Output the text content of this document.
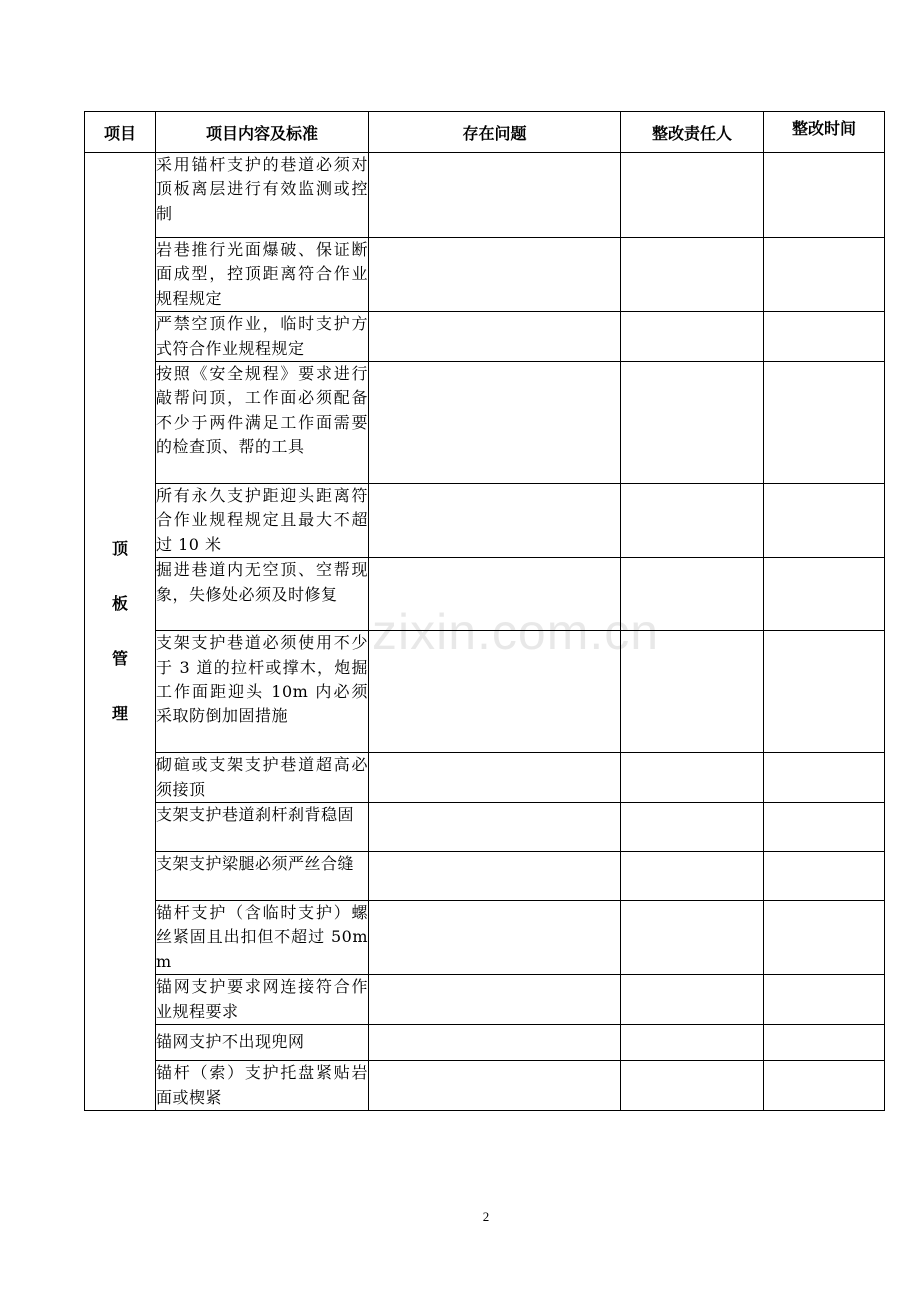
项目	项目内容及标准	存在问题	整改责任人	整改时间

顶
板
管
理	采用锚杆支护的巷道必须对顶板离层进行有效监测或控制			
	岩巷推行光面爆破、保证断面成型，控顶距离符合作业规程规定			
	严禁空顶作业，临时支护方式符合作业规程规定			
	按照《安全规程》要求进行敲帮问顶，工作面必须配备不少于两件满足工作面需要的检查顶、帮的工具			
	所有永久支护距迎头距离符合作业规程规定且最大不超过 10 米			
	掘进巷道内无空顶、空帮现象，失修处必须及时修复			
	支架支护巷道必须使用不少于 3 道的拉杆或撑木，炮掘工作面距迎头 10m 内必须采取防倒加固措施			
	砌碹或支架支护巷道超高必须接顶			
	支架支护巷道刹杆刹背稳固			
	支架支护梁腿必须严丝合缝			
	锚杆支护（含临时支护）螺丝紧固且出扣但不超过 50mm			
	锚网支护要求网连接符合作业规程要求			
	锚网支护不出现兜网			
	锚杆（索）支护托盘紧贴岩面或楔紧			
zixin.com.cn
2
